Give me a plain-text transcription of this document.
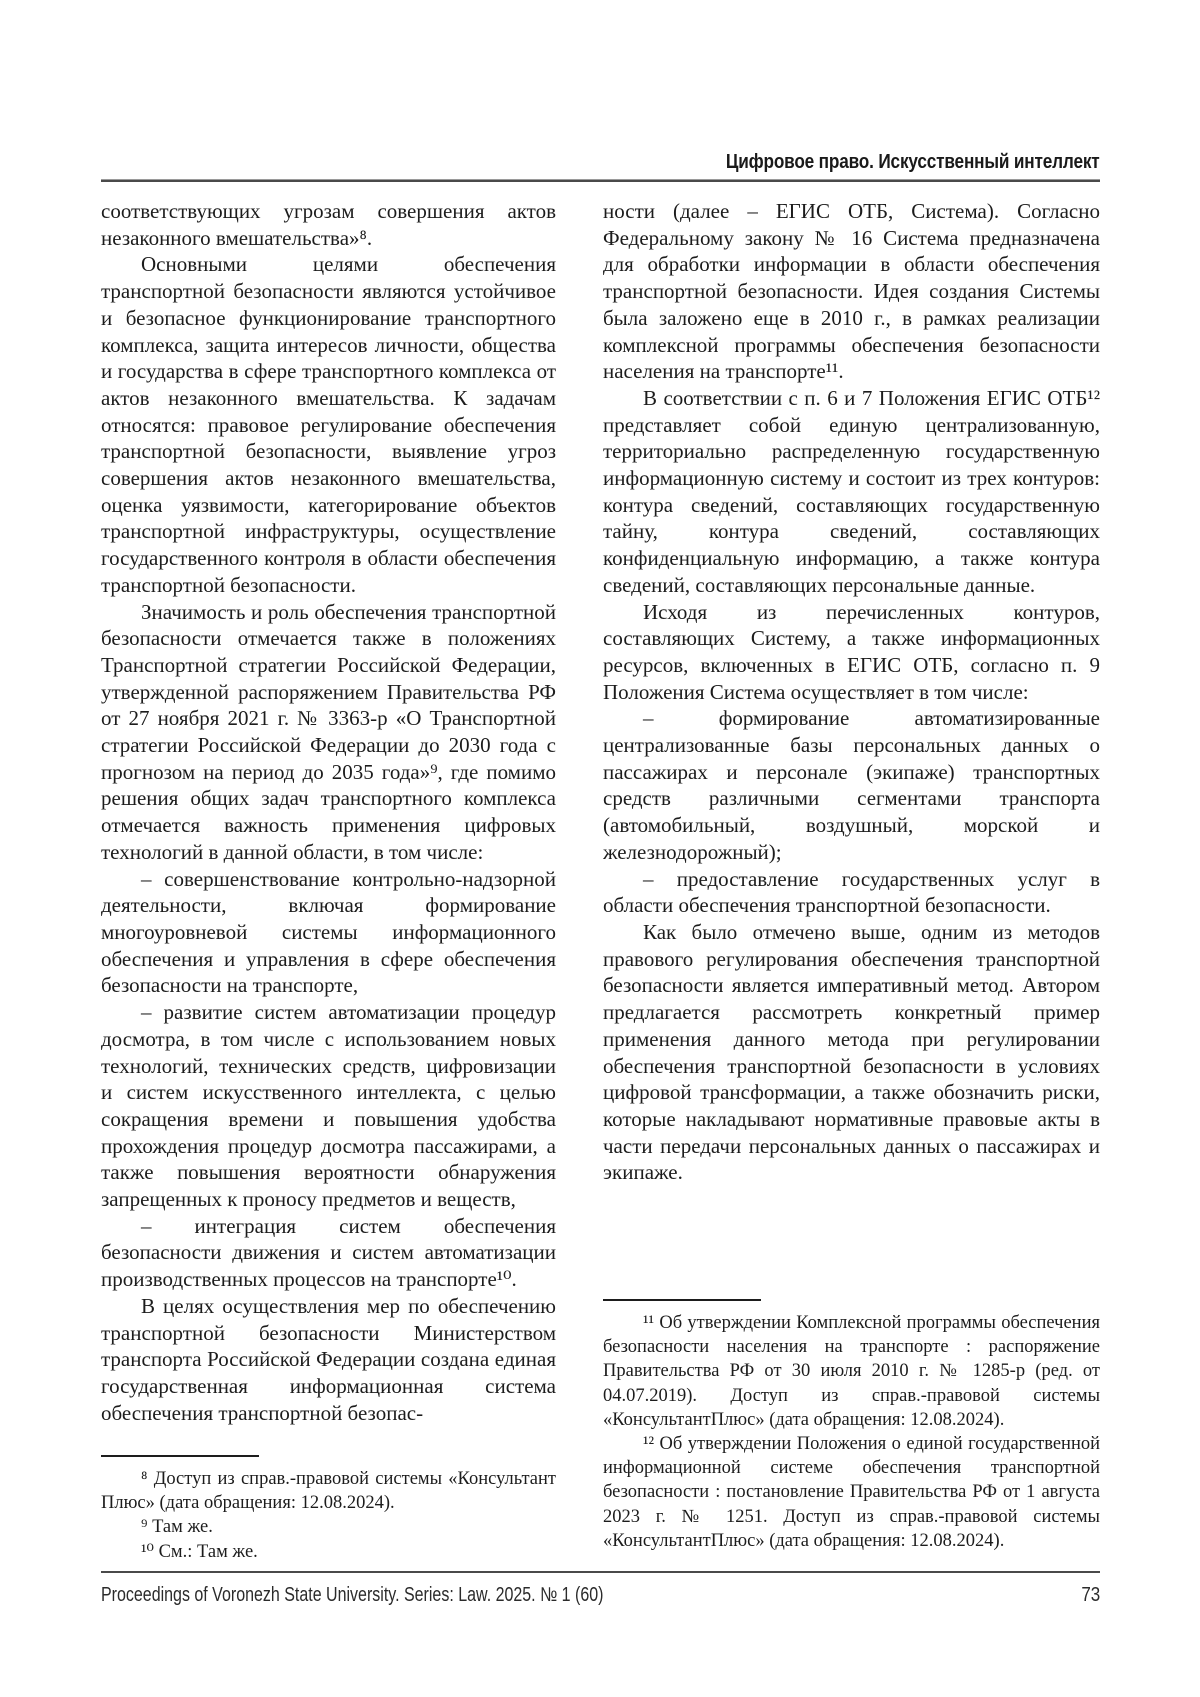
Цифровое право. Искусственный интеллект

соответствующих угрозам совершения актов незаконного вмешательства»⁸.

Основными целями обеспечения транспортной безопасности являются устойчивое и безопасное функционирование транспортного комплекса, защита интересов личности, общества и государства в сфере транспортного комплекса от актов незаконного вмешательства. К задачам относятся: правовое регулирование обеспечения транспортной безопасности, выявление угроз совершения актов незаконного вмешательства, оценка уязвимости, категорирование объектов транспортной инфраструктуры, осуществление государственного контроля в области обеспечения транспортной безопасности.

Значимость и роль обеспечения транспортной безопасности отмечается также в положениях Транспортной стратегии Российской Федерации, утвержденной распоряжением Правительства РФ от 27 ноября 2021 г. № 3363-р «О Транспортной стратегии Российской Федерации до 2030 года с прогнозом на период до 2035 года»⁹, где помимо решения общих задач транспортного комплекса отмечается важность применения цифровых технологий в данной области, в том числе:

– совершенствование контрольно-надзорной деятельности, включая формирование многоуровневой системы информационного обеспечения и управления в сфере обеспечения безопасности на транспорте,

– развитие систем автоматизации процедур досмотра, в том числе с использованием новых технологий, технических средств, цифровизации и систем искусственного интеллекта, с целью сокращения времени и повышения удобства прохождения процедур досмотра пассажирами, а также повышения вероятности обнаружения запрещенных к проносу предметов и веществ,

– интеграция систем обеспечения безопасности движения и систем автоматизации производственных процессов на транспорте¹⁰.

В целях осуществления мер по обеспечению транспортной безопасности Министерством транспорта Российской Федерации создана единая государственная информационная система обеспечения транспортной безопас-

ности (далее – ЕГИС ОТБ, Система). Согласно Федеральному закону № 16 Система предназначена для обработки информации в области обеспечения транспортной безопасности. Идея создания Системы была заложено еще в 2010 г., в рамках реализации комплексной программы обеспечения безопасности населения на транспорте¹¹.

В соответствии с п. 6 и 7 Положения ЕГИС ОТБ¹² представляет собой единую централизованную, территориально распределенную государственную информационную систему и состоит из трех контуров: контура сведений, составляющих государственную тайну, контура сведений, составляющих конфиденциальную информацию, а также контура сведений, составляющих персональные данные.

Исходя из перечисленных контуров, составляющих Систему, а также информационных ресурсов, включенных в ЕГИС ОТБ, согласно п. 9 Положения Система осуществляет в том числе:

– формирование автоматизированные централизованные базы персональных данных о пассажирах и персонале (экипаже) транспортных средств различными сегментами транспорта (автомобильный, воздушный, морской и железнодорожный);

– предоставление государственных услуг в области обеспечения транспортной безопасности.

Как было отмечено выше, одним из методов правового регулирования обеспечения транспортной безопасности является императивный метод. Автором предлагается рассмотреть конкретный пример применения данного метода при регулировании обеспечения транспортной безопасности в условиях цифровой трансформации, а также обозначить риски, которые накладывают нормативные правовые акты в части передачи персональных данных о пассажирах и экипаже.

⁸ Доступ из справ.-правовой системы «Консультант Плюс» (дата обращения: 12.08.2024).

⁹ Там же.

¹⁰ См.: Там же.

¹¹ Об утверждении Комплексной программы обеспечения безопасности населения на транспорте : распоряжение Правительства РФ от 30 июля 2010 г. № 1285-р (ред. от 04.07.2019). Доступ из справ.-правовой системы «КонсультантПлюс» (дата обращения: 12.08.2024).

¹² Об утверждении Положения о единой государственной информационной системе обеспечения транспортной безопасности : постановление Правительства РФ от 1 августа 2023 г. № 1251. Доступ из справ.-правовой системы «КонсультантПлюс» (дата обращения: 12.08.2024).

Proceedings of Voronezh State University. Series: Law. 2025. № 1 (60)	73
